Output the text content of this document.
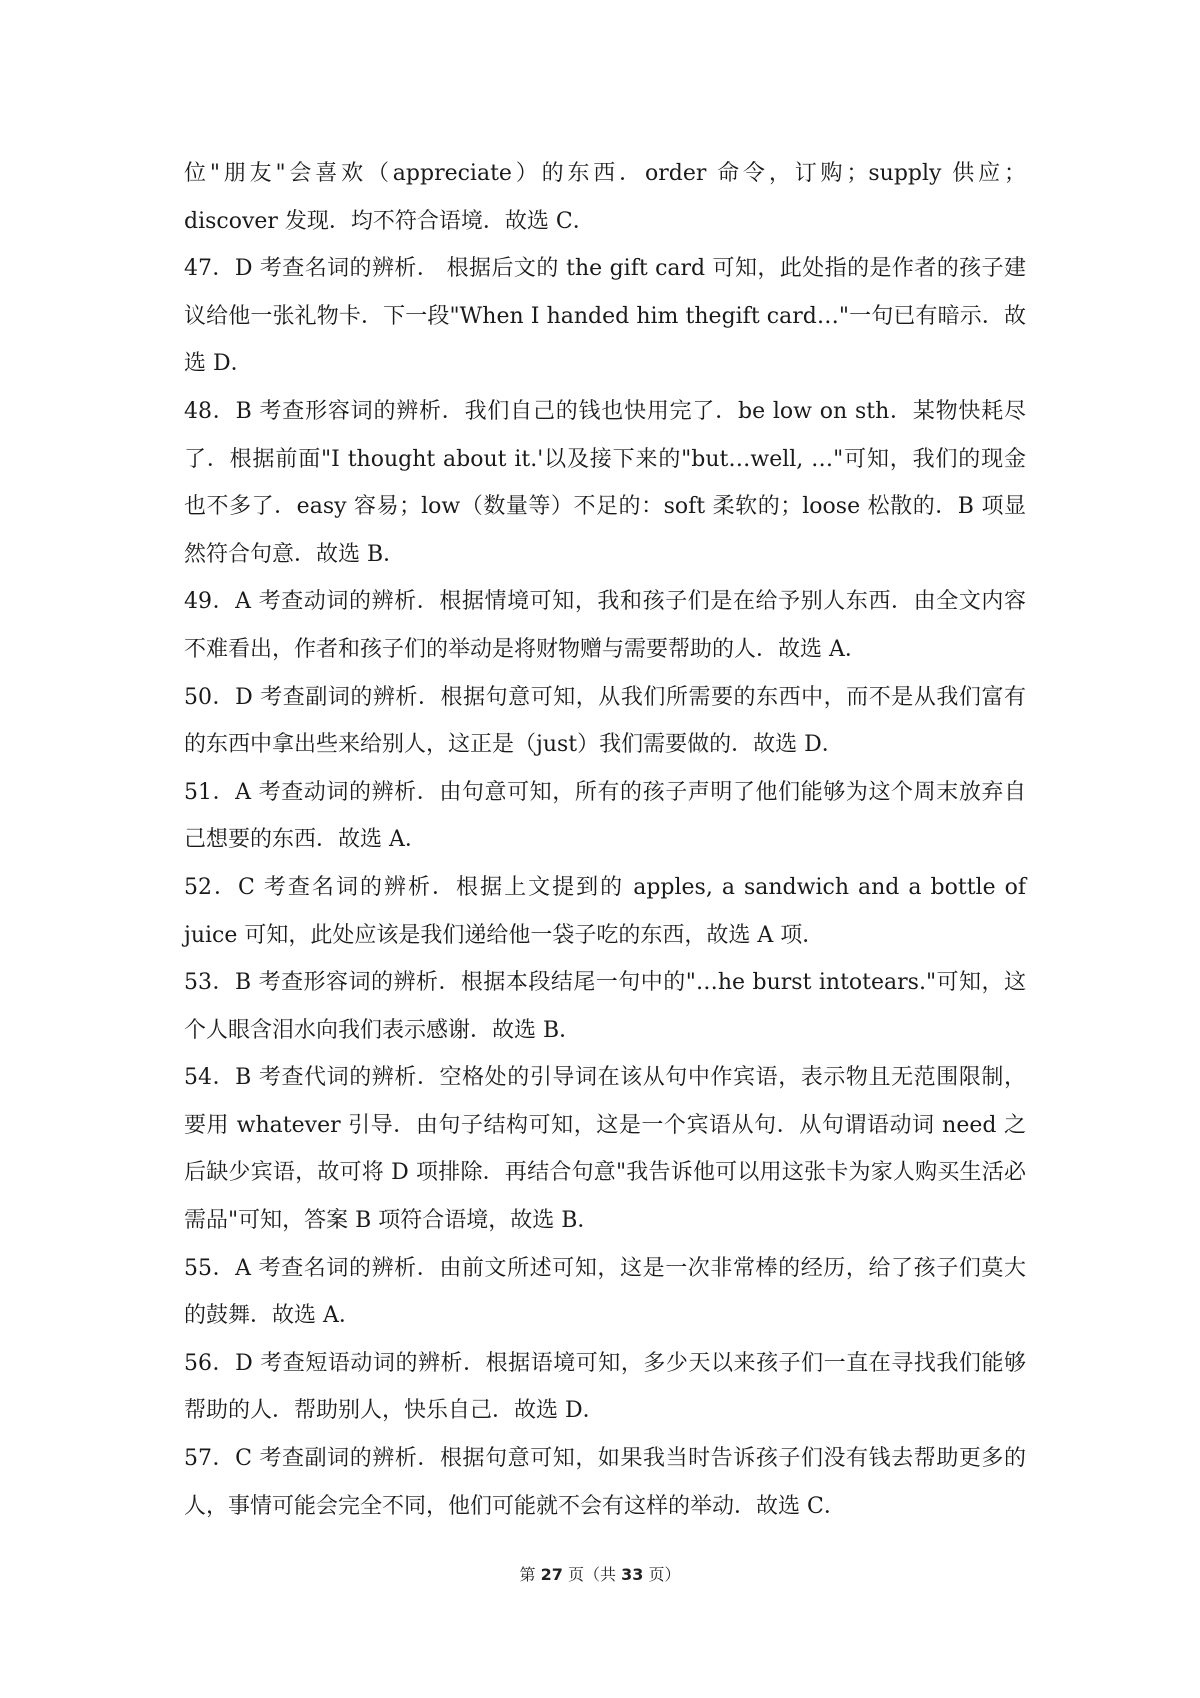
位"朋友"会喜欢（appreciate）的东西．order 命令，订购；supply 供应；discover 发现．均不符合语境．故选 C．

47．D 考查名词的辨析． 根据后文的 the gift card 可知，此处指的是作者的孩子建议给他一张礼物卡．下一段"When I handed him thegift card…"一句已有暗示．故选 D．

48．B 考查形容词的辨析．我们自己的钱也快用完了．be low on sth．某物快耗尽了．根据前面"I thought about it.'以及接下来的"but…well, …"可知，我们的现金也不多了．easy 容易；low（数量等）不足的：soft 柔软的；loose 松散的．B 项显然符合句意．故选 B．

49．A 考查动词的辨析．根据情境可知，我和孩子们是在给予别人东西．由全文内容不难看出，作者和孩子们的举动是将财物赠与需要帮助的人．故选 A．

50．D 考查副词的辨析．根据句意可知，从我们所需要的东西中，而不是从我们富有的东西中拿出些来给别人，这正是（just）我们需要做的．故选 D．

51．A 考查动词的辨析．由句意可知，所有的孩子声明了他们能够为这个周末放弃自己想要的东西．故选 A．

52．C 考查名词的辨析．根据上文提到的 apples, a sandwich and a bottle of juice 可知，此处应该是我们递给他一袋子吃的东西，故选 A 项．

53．B 考查形容词的辨析．根据本段结尾一句中的"…he burst intotears."可知，这个人眼含泪水向我们表示感谢．故选 B．

54．B 考查代词的辨析．空格处的引导词在该从句中作宾语，表示物且无范围限制，要用 whatever 引导．由句子结构可知，这是一个宾语从句．从句谓语动词 need 之后缺少宾语，故可将 D 项排除．再结合句意"我告诉他可以用这张卡为家人购买生活必需品"可知，答案 B 项符合语境，故选 B．

55．A 考查名词的辨析．由前文所述可知，这是一次非常棒的经历，给了孩子们莫大的鼓舞．故选 A．

56．D 考查短语动词的辨析．根据语境可知，多少天以来孩子们一直在寻找我们能够帮助的人．帮助别人，快乐自己．故选 D．

57．C 考查副词的辨析．根据句意可知，如果我当时告诉孩子们没有钱去帮助更多的人，事情可能会完全不同，他们可能就不会有这样的举动．故选 C．

第 27 页（共 33 页）
